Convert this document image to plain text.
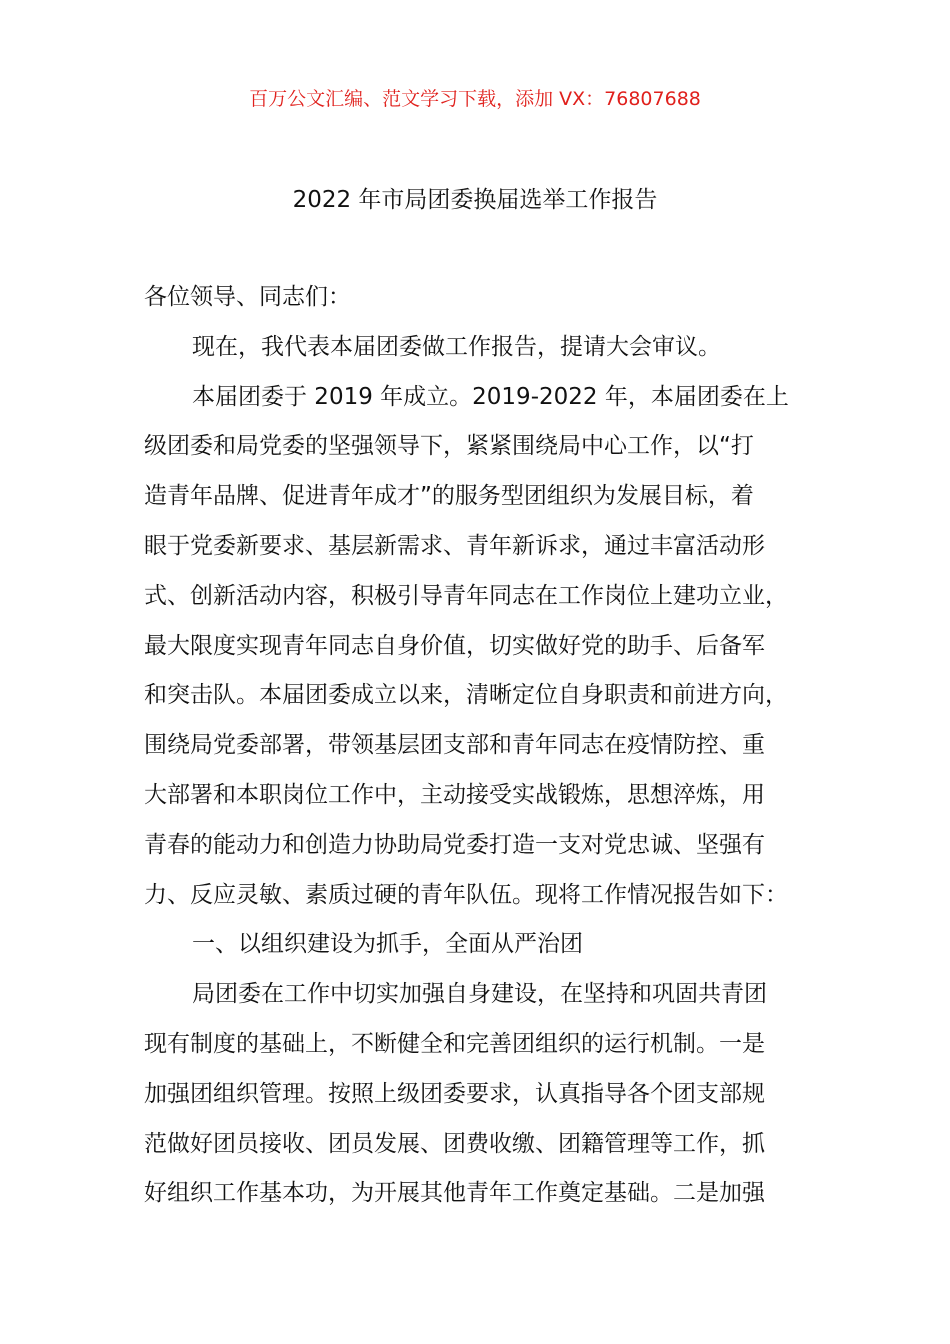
百万公文汇编、范文学习下载，添加 VX：76807688
2022 年市局团委换届选举工作报告
各位领导、同志们：
现在，我代表本届团委做工作报告，提请大会审议。
本届团委于 2019 年成立。2019-2022 年，本届团委在上
级团委和局党委的坚强领导下，紧紧围绕局中心工作，以“打
造青年品牌、促进青年成才”的服务型团组织为发展目标，着
眼于党委新要求、基层新需求、青年新诉求，通过丰富活动形
式、创新活动内容，积极引导青年同志在工作岗位上建功立业，
最大限度实现青年同志自身价值，切实做好党的助手、后备军
和突击队。本届团委成立以来，清晰定位自身职责和前进方向，
围绕局党委部署，带领基层团支部和青年同志在疫情防控、重
大部署和本职岗位工作中，主动接受实战锻炼，思想淬炼，用
青春的能动力和创造力协助局党委打造一支对党忠诚、坚强有
力、反应灵敏、素质过硬的青年队伍。现将工作情况报告如下：
一、以组织建设为抓手，全面从严治团
局团委在工作中切实加强自身建设，在坚持和巩固共青团
现有制度的基础上，不断健全和完善团组织的运行机制。一是
加强团组织管理。按照上级团委要求，认真指导各个团支部规
范做好团员接收、团员发展、团费收缴、团籍管理等工作，抓
好组织工作基本功，为开展其他青年工作奠定基础。二是加强
